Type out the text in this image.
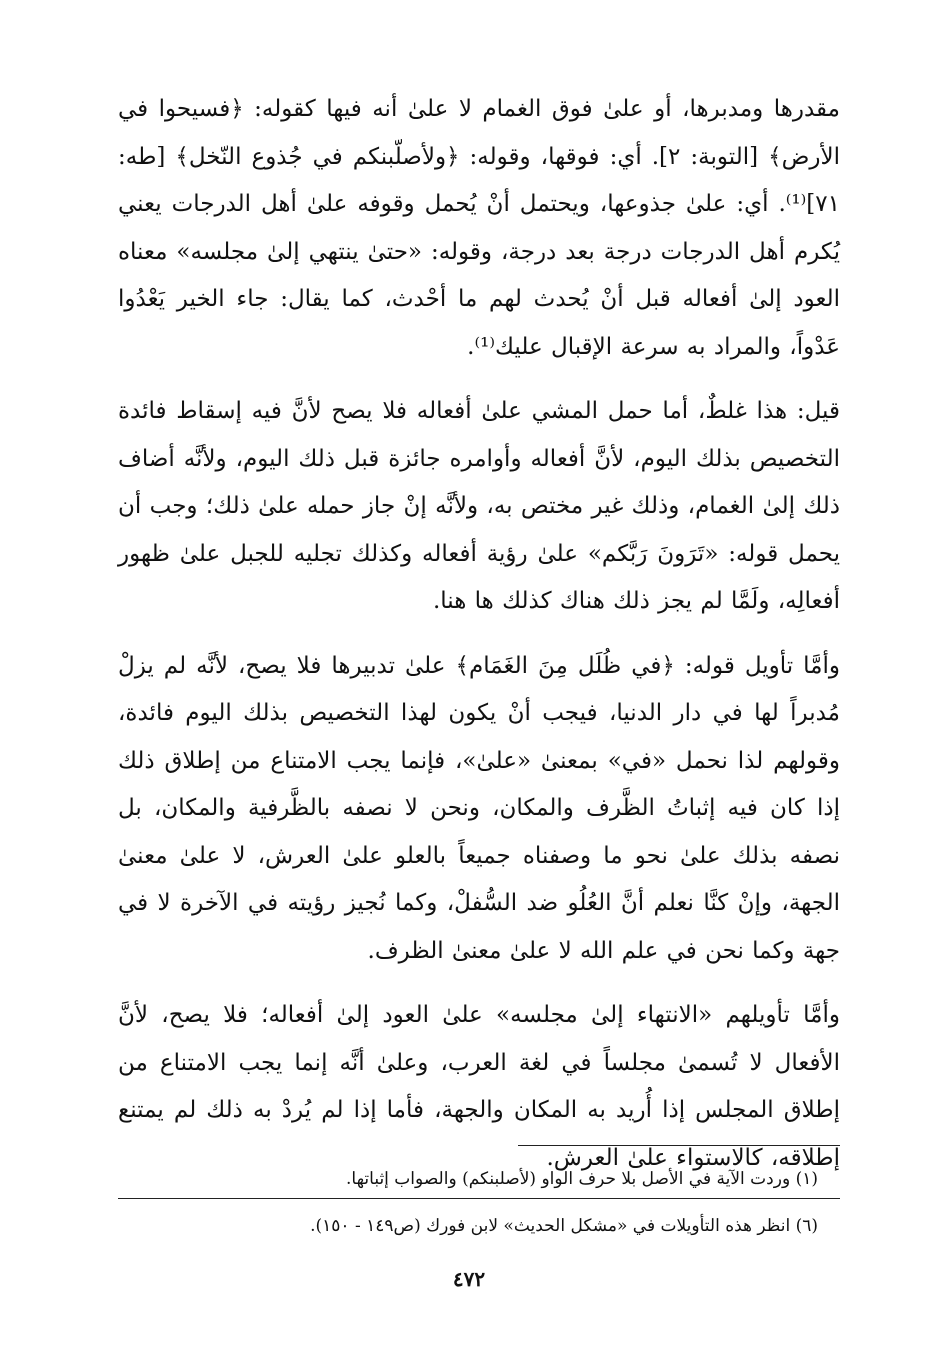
مقدرها ومدبرها، أو علىٰ فوق الغمام لا علىٰ أنه فيها كقوله: ﴿فسيحوا في الأرض﴾ [التوبة: ٢]. أي: فوقها، وقوله: ﴿ولأصلّبنكم في جُذوع النّخل﴾ [طه: ٧١]⁽¹⁾. أي: علىٰ جذوعها، ويحتمل أنْ يُحمل وقوفه علىٰ أهل الدرجات يعني يُكرم أهل الدرجات درجة بعد درجة، وقوله: «حتىٰ ينتهي إلىٰ مجلسه» معناه العود إلىٰ أفعاله قبل أنْ يُحدث لهم ما أحْدث، كما يقال: جاء الخير يَعْدُوا عَدْواً، والمراد به سرعة الإقبال عليك⁽¹⁾.

قيل: هذا غلطٌ، أما حمل المشي علىٰ أفعاله فلا يصح لأنَّ فيه إسقاط فائدة التخصيص بذلك اليوم، لأنَّ أفعاله وأوامره جائزة قبل ذلك اليوم، ولأنَّه أضاف ذلك إلىٰ الغمام، وذلك غير مختص به، ولأنَّه إنْ جاز حمله علىٰ ذلك؛ وجب أن يحمل قوله: «تَرَونَ رَبَّكم» علىٰ رؤية أفعاله وكذلك تجليه للجبل علىٰ ظهور أفعالِه، ولَمَّا لم يجز ذلك هناك كذلك ها هنا.

وأمَّا تأويل قوله: ﴿في ظُلَل مِنَ الغَمَام﴾ علىٰ تدبيرها فلا يصح، لأنَّه لم يزلْ مُدبراً لها في دار الدنيا، فيجب أنْ يكون لهذا التخصيص بذلك اليوم فائدة، وقولهم لذا نحمل «في» بمعنىٰ «علىٰ»، فإنما يجب الامتناع من إطلاق ذلك إذا كان فيه إثباتُ الظَّرف والمكان، ونحن لا نصفه بالظَّرفية والمكان، بل نصفه بذلك علىٰ نحو ما وصفناه جميعاً بالعلو علىٰ العرش، لا علىٰ معنىٰ الجهة، وإنْ كنَّا نعلم أنَّ العُلُو ضد السُّفلْ، وكما نُجيز رؤيته في الآخرة لا في جهة وكما نحن في علم الله لا علىٰ معنىٰ الظرف.

وأمَّا تأويلهم «الانتهاء إلىٰ مجلسه» علىٰ العود إلىٰ أفعاله؛ فلا يصح، لأنَّ الأفعال لا تُسمىٰ مجلساً في لغة العرب، وعلىٰ أنَّه إنما يجب الامتناع من إطلاق المجلس إذا أُريد به المكان والجهة، فأما إذا لم يُردْ به ذلك لم يمتنع إطلاقه، كالاستواء علىٰ العرش.

(١) وردت الآية في الأصل بلا حرف الواو (لأصلبنكم) والصواب إثباتها.

(٦) انظر هذه التأويلات في «مشكل الحديث» لابن فورك (ص١٤٩ - ١٥٠).

٤٧٢
